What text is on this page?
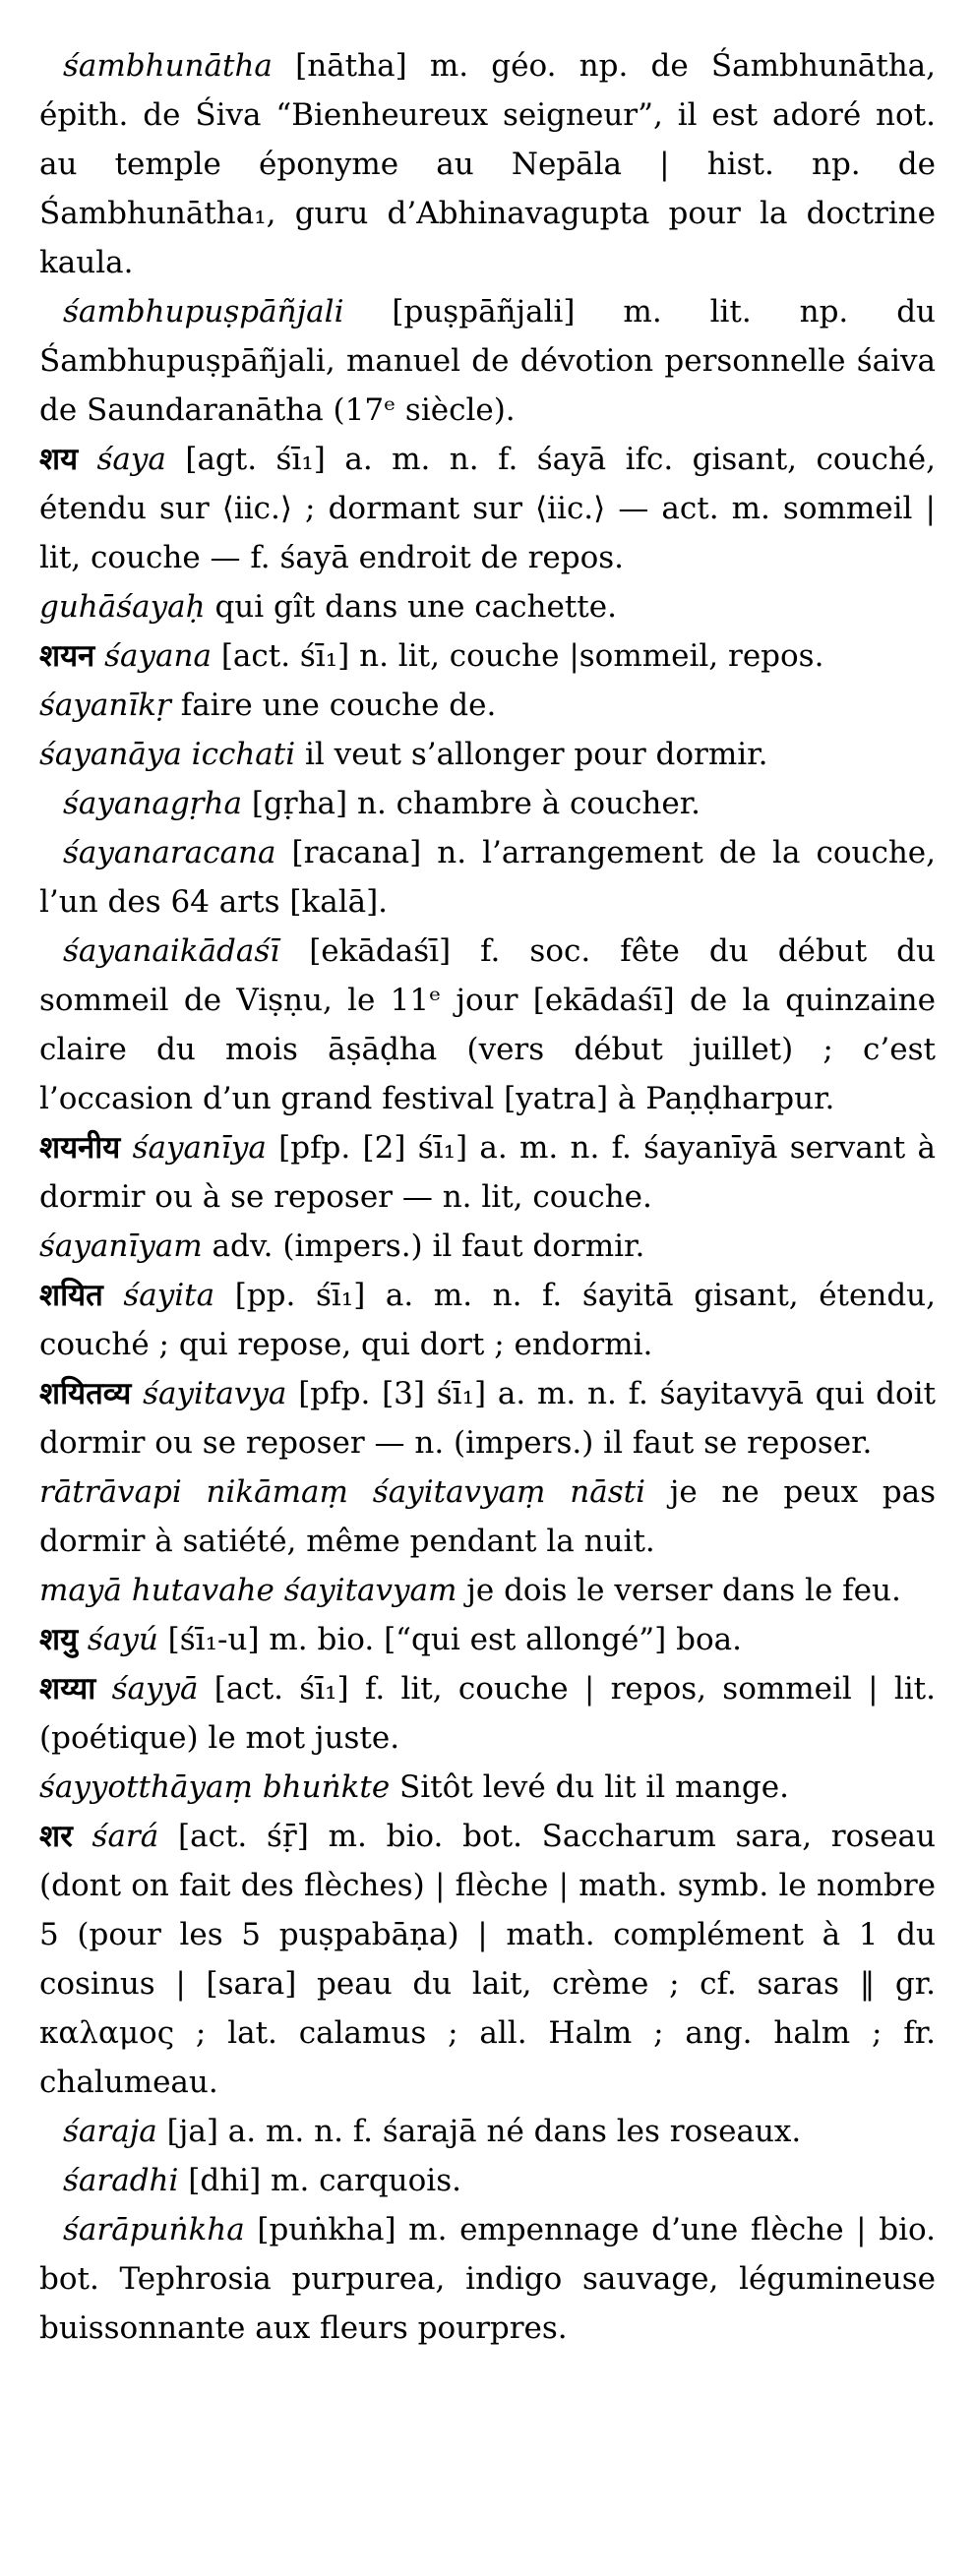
śambhunātha [nātha] m. géo. np. de Śambhunātha, épith. de Śiva “Bienheureux seigneur”, il est adoré not. au temple éponyme au Nepāla | hist. np. de Śambhunātha₁, guru d’Abhinavagupta pour la doctrine kaula.

śambhupuṣpāñjali [puṣpāñjali] m. lit. np. du Śambhupuṣpāñjali, manuel de dévotion personnelle śaiva de Saundaranātha (17ᵉ siècle).

शय śaya [agt. śī₁] a. m. n. f. śayā ifc. gisant, couché, étendu sur ⟨iic.⟩ ; dormant sur ⟨iic.⟩ — act. m. sommeil | lit, couche — f. śayā endroit de repos.

guhāśayaḥ qui gît dans une cachette.

शयन śayana [act. śī₁] n. lit, couche |sommeil, repos.

śayanīkṛ faire une couche de.

śayanāya icchati il veut s’allonger pour dormir.

śayanagṛha [gṛha] n. chambre à coucher.

śayanaracana [racana] n. l’arrangement de la couche, l’un des 64 arts [kalā].

śayanaikādaśī [ekādaśī] f. soc. fête du début du sommeil de Viṣṇu, le 11ᵉ jour [ekādaśī] de la quinzaine claire du mois āṣāḍha (vers début juillet) ; c’est l’occasion d’un grand festival [yatra] à Paṇḍharpur.

शयनीय śayanīya [pfp. [2] śī₁] a. m. n. f. śayanīyā servant à dormir ou à se reposer — n. lit, couche.

śayanīyam adv. (impers.) il faut dormir.

शयित śayita [pp. śī₁] a. m. n. f. śayitā gisant, étendu, couché ; qui repose, qui dort ; endormi.

शयितव्य śayitavya [pfp. [3] śī₁] a. m. n. f. śayitavyā qui doit dormir ou se reposer — n. (impers.) il faut se reposer.

rātrāvapi nikāmaṃ śayitavyaṃ nāsti je ne peux pas dormir à satiété, même pendant la nuit.

mayā hutavahe śayitavyam je dois le verser dans le feu.

शयु śayú [śī₁-u] m. bio. [“qui est allongé”] boa.

शय्या śayyā [act. śī₁] f. lit, couche | repos, sommeil | lit. (poétique) le mot juste.

śayyotthāyaṃ bhuṅkte Sitôt levé du lit il mange.

शर śará [act. śṝ] m. bio. bot. Saccharum sara, roseau (dont on fait des flèches) | flèche | math. symb. le nombre 5 (pour les 5 puṣpabāṇa) | math. complément à 1 du cosinus | [sara] peau du lait, crème ; cf. saras ‖ gr. καλαμος ; lat. calamus ; all. Halm ; ang. halm ; fr. chalumeau.

śaraja [ja] a. m. n. f. śarajā né dans les roseaux.

śaradhi [dhi] m. carquois.

śarāpuṅkha [puṅkha] m. empennage d’une flèche | bio. bot. Tephrosia purpurea, indigo sauvage, légumineuse buissonnante aux fleurs pourpres.
